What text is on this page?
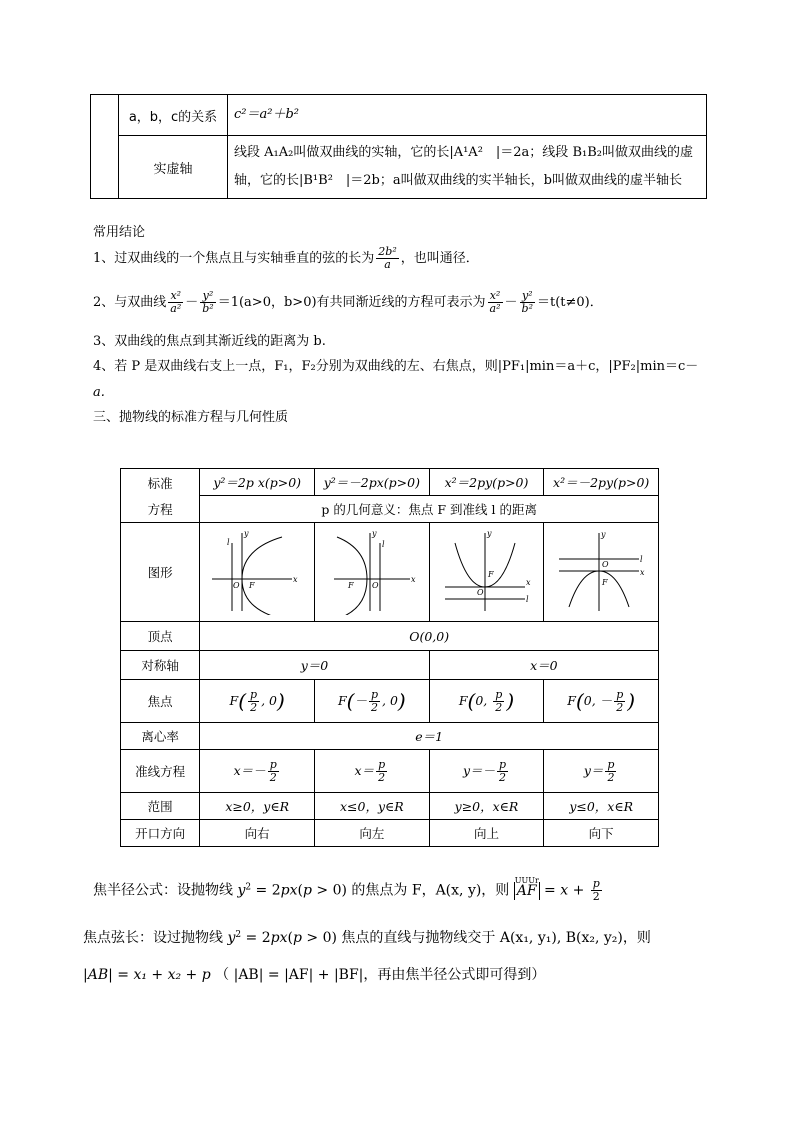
	a，b，c的关系	c²＝a²＋b²
	实虚轴	线段 A₁A₂叫做双曲线的实轴，它的长|A¹A²　|＝2a；线段 B₁B₂叫做双曲线的虚
轴，它的长|B¹B²　|＝2b；a叫做双曲线的实半轴长，b叫做双曲线的虚半轴长
常用结论
1、过双曲线的一个焦点且与实轴垂直的弦的长为 $\frac{\text{2b²}}{a}$ ，也叫通径．
2、与双曲线 $\frac{\text{x²}}{\text{a²}} - \frac{\text{y²}}{\text{b²}} =1(a>0$，b>0)有共同渐近线的方程可表示为 $\frac{\text{x²}}{\text{a²}} - \frac{\text{y²}}{\text{b²}} =t(t\ne 0)$．
3、双曲线的焦点到其渐近线的距离为 b.
4、若 P 是双曲线右支上一点，F₁，F₂分别为双曲线的左、右焦点，则|PF₁|min＝a＋c，|PF₂|min＝c－
a.
三、抛物线的标准方程与几何性质
标准
方程	y²＝2p x(p>0)	y²＝－2px(p>0)	x²＝2py(p>0)	x²＝－2py(p>0)
	p 的几何意义：焦点 F 到准线 l 的距离			
图形	y
l
O F
x	y
l
F O
x	y
F
O
x
l	y
O
F
l
x

顶点	O(0,0)			
对称轴	y＝0		x＝0	
焦点	$F( \frac{p}{2}$ , 0)	$F(- \frac{p}{2}$ , 0)	F(0, $\frac{p}{2}$ )	F(0, － $\frac{p}{2}$ )
离心率	e＝1			
准线方程	$x=- \frac{p}{2}$	$x= \frac{p}{2}$	$y=- \frac{p}{2}$	$y= \frac{p}{2}$

范围	x≥0，y∈R	x≤0，y∈R	y≥0，x∈R	y≤0，x∈R
开口方向	向右	向左	向上	向下
焦半径公式：设抛物线 $y^2 = 2px(p > 0)$ 的焦点为 F，A(x, y)，则
UUUr
AF = $x + \frac{p}{2}$
焦点弦长：设过抛物线 $y^2 = 2px(p > 0)$ 焦点的直线与抛物线交于 A(x₁, y₁), B(x₂, y₂)，则
|AB| = x₁ + x₂ + p （ |AB| = |AF| + |BF|，再由焦半径公式即可得到）
